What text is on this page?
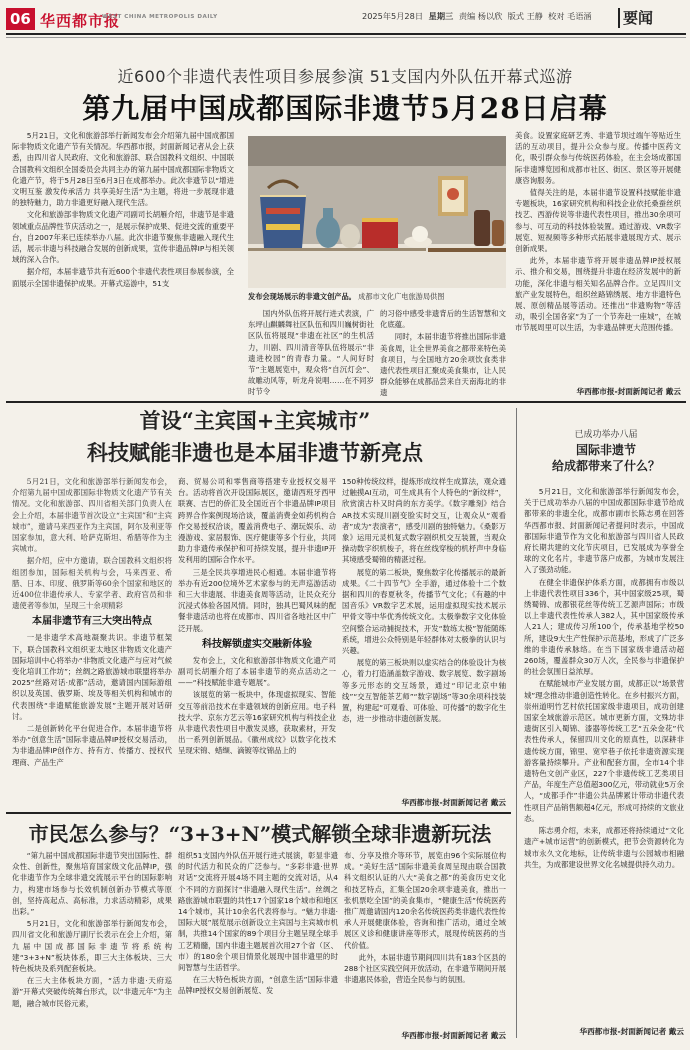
06 华西都市报
WEST CHINA METROPOLIS DAILY	2025年5月28日 星期三 责编 杨以欣 版式 王静 校对 毛语涵 要闻
近600个非遗代表性项目参展参演 51支国内外队伍开幕式巡游
第九届中国成都国际非遗节5月28日启幕

5月21日，文化和旅游部举行新闻发布会介绍第九届中国成都国际非物质文化遗产节有关情况。华西都市报，封面新闻记者从会上获悉，由四川省人民政府、文化和旅游部、联合国教科文组织、中国联合国教科文组织全国委员会共同主办的第九届中国成都国际非物质文化遗产节，将于5月28日至6月3日在成都举办。此次非遗节以“增进文明互鉴 激发传承活力 共享美好生活”为主题，将进一步展现非遗的独特魅力，助力非遗更好融入现代生活。

文化和旅游部非物质文化遗产司副司长胡雁介绍，非遗节是非遗领域重点品牌性节庆活动之一，是展示保护成果、促进交流的重要平台，自2007年来已连续举办八届。此次非遗节聚焦非遗融入现代生活，展示非遗与科技融合发展的创新成果，宣传非遗品牌IP与相关领域的深入合作。

据介绍，本届非遗节共有近600个非遗代表性项目参展参演，全面展示全国非遗保护成果。开幕式巡游中，51支

发布会现场展示的非遗文创产品。 成都市文化广电旅游局供图

国内外队伍将开展行进式表演，广东坪山麒麟舞社区队伍和四川巍树街社区队伍将展现“非遗在社区”的生机活力，川剧、四川清音等队伍将展示“非遗进校园”的青春力量。“人间好时节”主题展览中，观众将“自沉灯会”、故雕动风等，听龙舟说唱……在不同岁时节令

的习俗中感受非遗背后的生活智慧和文化底蕴。

同时，本届非遗节将推出国际非遗美食周，让全世界美食之都带来特色美食项目，与全国地方20余项饮食类非遗代表性项目汇聚成美食集市，让人民群众能够在成都品尝来自天南海北的非遗

美食。设置家庭研艺秀、非遗节坝过端午等贴近生活的互动项目，提升公众参与度。传播中医药文化，吸引群众参与传统医药体验，在主会场成都国际非遗博览园和成都市社区、街区、景区等开展健康咨询服务。

值得关注的是，本届非遗节设置科技赋能非遗专题板块，16家研究机构和科技企业依托桑蚕丝织技艺、西游传说等非遗代表性项目，推出30余项可参与、可互动的科技体验装置。通过游戏、VR数字展览、短视频等多种形式拓展非遗展现方式、展示创新成果。

此外，本届非遗节将开展非遗品牌IP授权展示、推介和交易，围绕提升非遗在经济发展中的新功能，深化非遗与相关知名品牌合作。立足四川文旅产业发展特色，组织丝路锦绣展、地方非遗特色展、原创精品展等活动。还推出“非遗购物”等活动，吸引全国各家“为了一个节奔赴一座城”，在城市节展周里可以生活，为非遗品牌更大范围传播。

华西都市报-封面新闻记者 戴云
首设“主宾国+主宾城市”
科技赋能非遗也是本届非遗节新亮点

5月21日，文化和旅游部举行新闻发布会，介绍第九届中国成都国际非物质文化遗产节有关情况。文化和旅游部、四川省相关部门负责人在会上介绍，本届非遗节首次设立“主宾国”和“主宾城市”，邀请马来西亚作为主宾国，阿尔及利亚等国家参加，意大利、哈萨克斯坦、希腊等作为主宾城市。

据介绍，应中方邀请，联合国教科文组织将组团参加，国际相关机构与会，马来西亚、希腊、日本、印度、俄罗斯等60余个国家和地区的近400位非遗传承人、专家学者、政府官员和非遗使者等参加，呈现三十余项精彩

本届非遗节有三大突出特点

一是非遗学术高地凝聚共识。非遗节框架下，联合国教科文组织亚太地区非物质文化遗产国际培训中心将举办“非物质文化遗产与应对气候变化培训工作坊”；丝绸之路旅游城市联盟将举办2025“丝路对话·成都”活动，邀请国内国际游组织以及英国、俄罗斯、埃及等相关机构和城市的代表围绕“非遗赋能旅游发展”主题开展对话研讨。

二是创新转化平台促进合作。本届非遗节将举办“创意生活”国际非遗品牌IP授权交易活动，为非遗品牌IP创作方、持有方、传播方、授权代理商、产品生产

商、贸易公司和零售商等搭建专业授权交易平台。活动将首次开设国际展区，邀请西班牙西甲联赛、吉巴的侨汇及全国近百个非遗品牌IP项目跨界合作案例现场洽谈，覆盖消费金如药机构合作交易授权洽谈，覆盖消费电子、潮玩娱乐、动漫游戏、家居服饰、医疗健康等多个行业，共同助力非遗传承保护和可持续发展，提升非遗IP开发利用的国际合作水平。

三是全民共享增进民心相通。本届非遗节将举办有近200位境外艺术家参与的无声巡游活动和三大非遗展、非遗美食周等活动，让民众充分沉浸式体验各国风情。同时，独具巴蜀风味的配餐非遗活动也将在成都市、四川省各地社区中广泛开展。

科技解锁虚实交融新体验

发布会上，文化和旅游部非物质文化遗产司副司长胡雁介绍了本届非遗节的亮点活动之一——“科技赋能非遗专题展”。

该展览的第一板块中，体现虚拟现实、智能交互等前沿技术在非遗领域的创新应用。电子科技大学、京东方艺云等16家研究机构与科技企业从非遗代表性项目中激发灵感，获取素材，开发出一系列创新展品。《徽州成纹》以数字化技术呈现宋锦、蜡缬、滴镀等纹锦品上的

150种传统纹样，提炼形成纹样生成算法，观众通过触摸AI互动，可生成具有个人特色的“新纹样”，欣赏演古朴又时尚的东方美学。《数字雕刻》结合AR技术实现川剧变脸实时交互，让观众从“观看者”成为“表演者”，感受川剧的独特魅力。《桑影万象》运用元灵机复式数字剧织机交互装置，当观众操动数字织机梭子，将在丝线穿梭的机杼声中身临其境感受蜀锦的精湛过程。

展览的第二板块，聚焦数字化传播展示的最新成果。《二十四节气》全手游，通过体验十二个数据和四川的春夏秋冬，传播节气文化；《有趣的中国音乐》VR数字艺术展，运用虚拟现实技术展示甲骨文等中华优秀传统文化。太极拳数字文化体验空间整合运动捕捉技术，开发“数练太极”智能随练系统，增进公众特别是年轻群体对太极拳的认识与兴趣。

展览的第三板块则以虚实结合的体验设计为核心，着力打造涵盖数字游戏、数字展览、数字剧场等多元形态的交互场景，通过“印记北京中轴线”“交互智能茶艺师”“数字剧场”等30余项科技装置，构建起“可观看、可体验、可传播”的数字化生态，进一步推动非遗创新发展。

华西都市报-封面新闻记者 戴云
已成功举办八届
国际非遗节
给成都带来了什么？

5月21日，文化和旅游部举行新闻发布会，关于已成功举办八届的中国成都国际非遗节给成都带来的非遗全化，成都市副市长陈志勇在回答华西都市报、封面新闻记者提问时表示，中国成都国际非遗节作为文化和旅游部与四川省人民政府长期共建的文化节庆项目，已发展成为享誉全球的文化名片，非遗节落户成都，为城市发展注入了强劲动能。

在健全非遗保护体系方面，成都拥有市级以上非遗代表性项目336个，其中国家级25项，蜀绣蜀锦、成都银花丝等传统工艺源声国际；市级以上非遗代表性传承人382人，其中国家级传承人21人；建成传习所100个，传承基地学校50所，建设9大生产性保护示范基地，形成了广泛多维的非遗传承脉络。在当下国家级非遗活动超260场，覆盖群众30万人次，全民参与非遗保护的社会氛围日益浓厚。

在赋能城市产业发展方面，成都正以“场景营城”理念推动非遗创造性转化。在乡村振兴方面，崇州道明竹艺村依托国家级非遗项目，成功创建国家全域旅游示范区。城市更新方面，文殊坊非遗街区引入蜀锦、漆器等传统工艺“五朵金花”代表性传承人，保留四川文化的原真性，以深耕非遗传统方面，锦里、宽窄巷子依托非遗资源实现游客量持续攀升。产业和配套方面，全市14个非遗特色文创产业区，227个非遗传统工艺类项目产品，年度生产总值超300亿元，带动就业5万余人，“成都手作”非遗公共品牌累计带动非遗代表性项目产品销售额超4亿元，形成可持续的文旅业态。

陈志勇介绍，未来，成都还将持续通过“文化遗产+城市运营”的创新模式，把节会资源转化为城市永久文化地标，让传统非遗与公园城市相融共生，为成都建设世界文化名城提供持久动力。

华西都市报-封面新闻记者 戴云
市民怎么参与？“3+3+N”模式解锁全球非遗新玩法

“第九届中国成都国际非遗节突出国际性、群众性、创新性，聚焦培育国家级文化品牌IP，强化非遗节作为全球非遗交流展示平台的国际影响力，构建市场参与长效机制创新办节模式等原创，坚持高起点、高标准，力求活动精彩，成果出彩。”

5月21日，文化和旅游部举行新闻发布会，四川省文化和旅游厅副厅长表示在会上介绍，第九届中国成都国际非遗节将系统构建“3+3+N”板块体系，即三大主体板块、三大特色板块及系列配套板块。

在三大主体板块方面，“活力非遗·天府巡游”开幕式突破传统舞台形式，以“非遗元年”为主题，融合城市民俗元素，

组织51支国内外队伍开展行进式展演，彰显非遗的时代活力和民众的广泛参与。“多彩非遗·世界对话”交流将开展4场不同主题的交流对话，从4个不同的方面探讨“非遗融入现代生活”。丝绸之路旅游城市联盟的共性17个国家18个城市和地区14个城市，其计10余名代表将参与。“魅力非遗·国际大展”展览展示创新设立主宾国与主宾城市机制，共推14个国家的89个项目分主题呈现全球手工艺精髓，国内非遗主题展首次用27个省（区、市）的180余个项目情景化展现中国非遗里的时间智慧与生活哲学。

在三大特色板块方面，“创意生活”国际非遗品牌IP授权交易创新展览、发

布、分享及推介等环节，展览由96个实际展位构成。“美好生活”国际非遗美食周呈现由联合国教科文组织认证的八大“美食之都”的美食历史文化和技艺特点，汇集全国20余项非遗美食，推出一张机票吃全国”的美食集市，“健康生活”传统医药推广周邀请国内120余名传统医药类非遗代表性传承人开展健康体验，咨询和推广活动，通过全域展区义诊和健康讲座等形式，展现传统医药的当代价值。

此外，本届非遗节期间四川共有183个区县的288个社区实践空间开放活动，在非遗节期间开展非遗惠民体验，营造全民参与的氛围。

华西都市报-封面新闻记者 戴云
